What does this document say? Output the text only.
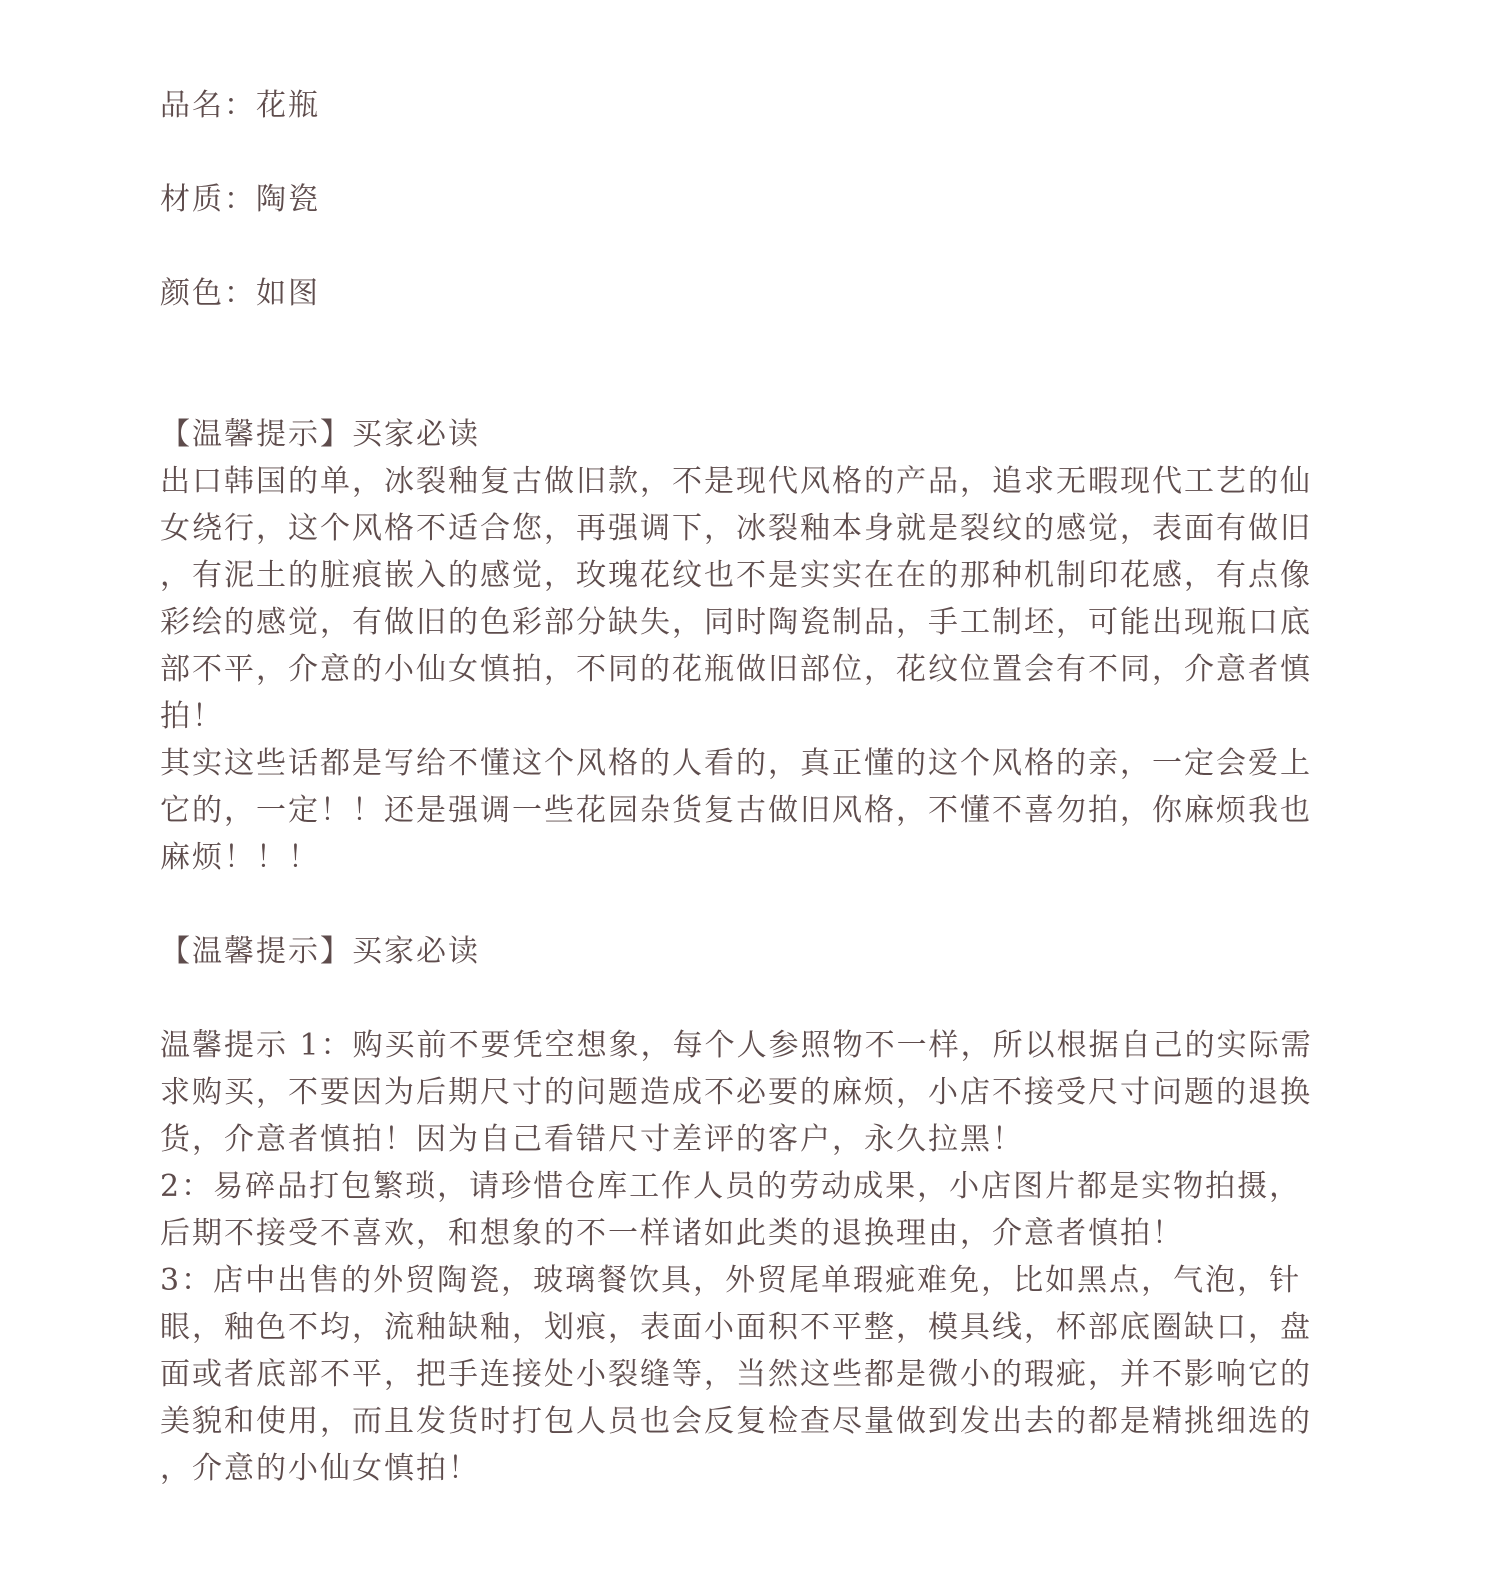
品名：花瓶
材质：陶瓷
颜色：如图
【温馨提示】买家必读
出口韩国的单，冰裂釉复古做旧款，不是现代风格的产品，追求无暇现代工艺的仙
女绕行，这个风格不适合您，再强调下，冰裂釉本身就是裂纹的感觉，表面有做旧
，有泥土的脏痕嵌入的感觉，玫瑰花纹也不是实实在在的那种机制印花感，有点像
彩绘的感觉，有做旧的色彩部分缺失，同时陶瓷制品，手工制坯，可能出现瓶口底
部不平，介意的小仙女慎拍，不同的花瓶做旧部位，花纹位置会有不同，介意者慎
拍！
其实这些话都是写给不懂这个风格的人看的，真正懂的这个风格的亲，一定会爱上
它的，一定！！还是强调一些花园杂货复古做旧风格，不懂不喜勿拍，你麻烦我也
麻烦！！！
【温馨提示】买家必读
温馨提示 1：购买前不要凭空想象，每个人参照物不一样，所以根据自己的实际需
求购买，不要因为后期尺寸的问题造成不必要的麻烦，小店不接受尺寸问题的退换
货，介意者慎拍！因为自己看错尺寸差评的客户，永久拉黑！
2：易碎品打包繁琐，请珍惜仓库工作人员的劳动成果，小店图片都是实物拍摄，
后期不接受不喜欢，和想象的不一样诸如此类的退换理由，介意者慎拍！
3：店中出售的外贸陶瓷，玻璃餐饮具，外贸尾单瑕疵难免，比如黑点，气泡，针
眼，釉色不均，流釉缺釉，划痕，表面小面积不平整，模具线，杯部底圈缺口，盘
面或者底部不平，把手连接处小裂缝等，当然这些都是微小的瑕疵，并不影响它的
美貌和使用，而且发货时打包人员也会反复检查尽量做到发出去的都是精挑细选的
，介意的小仙女慎拍！
